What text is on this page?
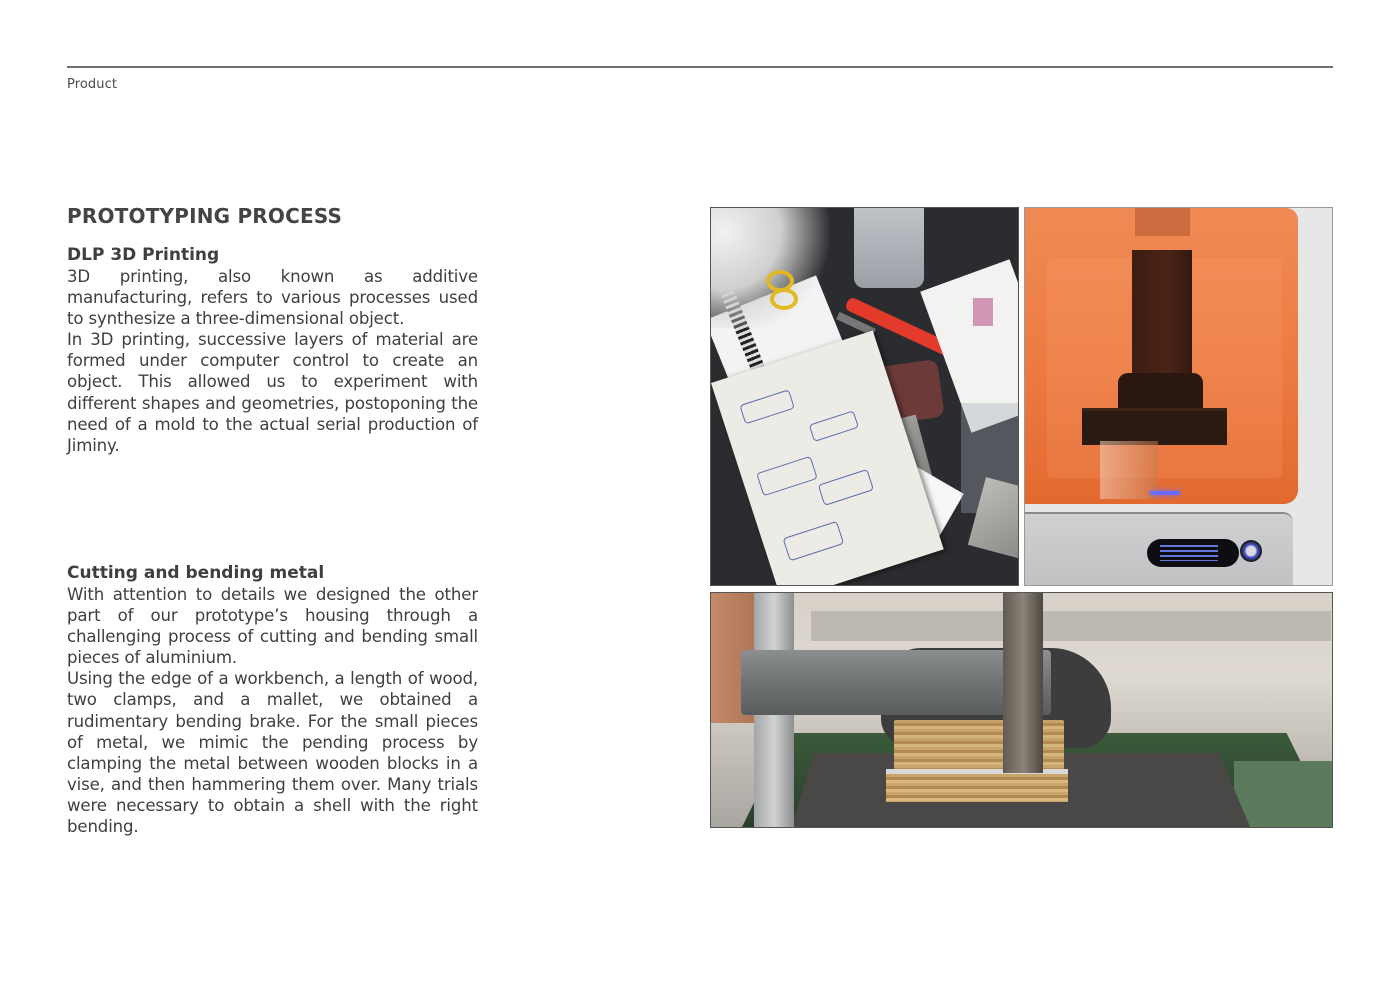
Product
PROTOTYPING PROCESS
DLP 3D Printing

3D printing, also known as additive manufacturing, refers to various processes used to synthesize a three-dimensional object.

In 3D printing, successive layers of material are formed under computer control to create an object. This allowed us to experiment with different shapes and geometries, postoponing the need of a mold to the actual serial production of Jiminy.

Cutting and bending metal

With attention to details we designed the other part of our prototype’s housing through a challenging process of cutting and bending small pieces of aluminium.

Using the edge of a workbench, a length of wood, two clamps, and a mallet, we obtained a rudimentary bending brake. For the small pieces of metal, we mimic the pending process by clamping the metal between wooden blocks in a vise, and then hammering them over. Many trials were necessary to obtain a shell with the right bending.
